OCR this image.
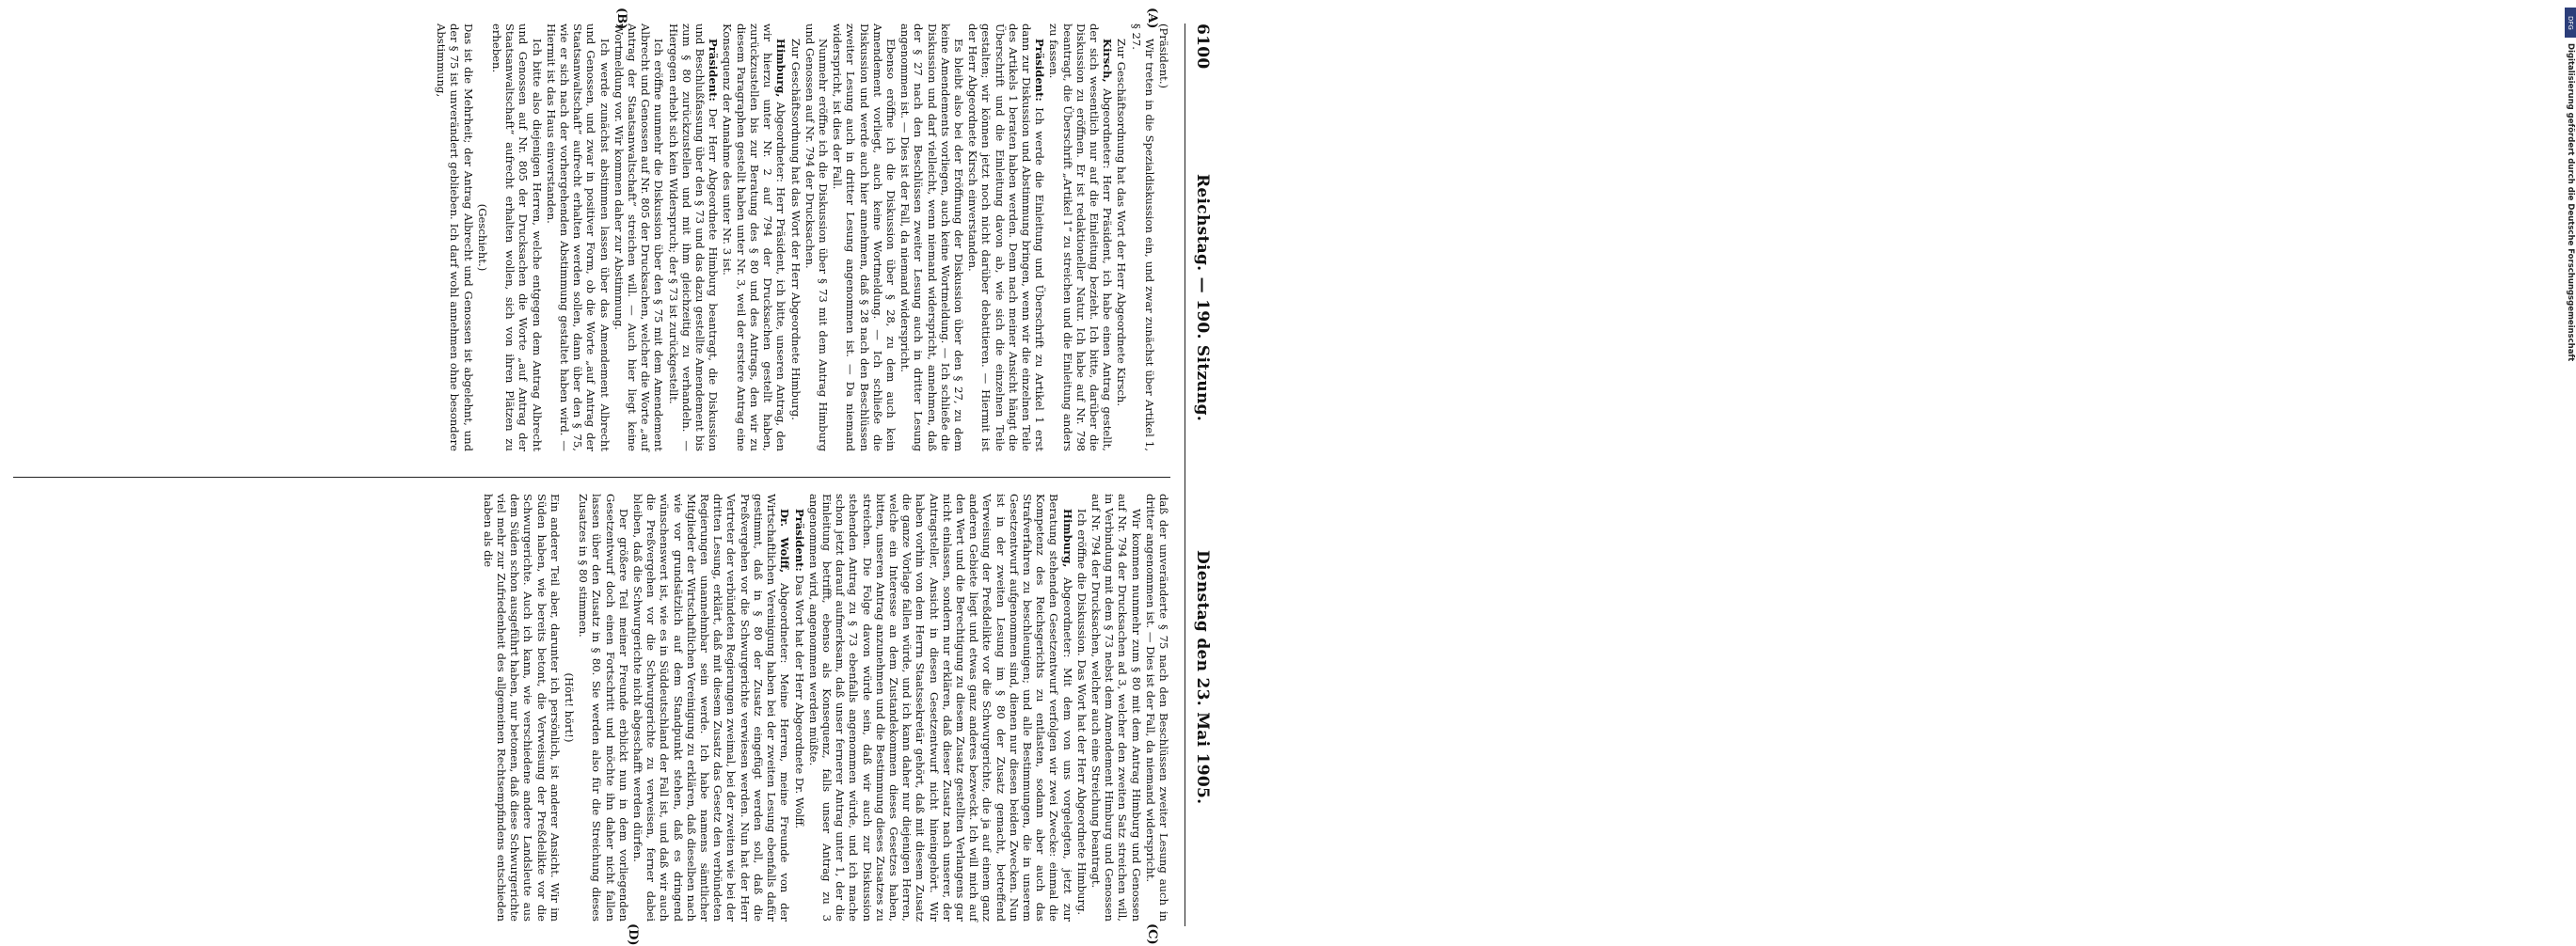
6100
Reichstag. — 190. Sitzung.
Dienstag den 23. Mai 1905.
(A)
(B)
(C)
(D)

(Präsident.)

Wir treten in die Spezialdiskussion ein, und zwar zunächst über Artikel 1, § 27.

Zur Geschäftsordnung hat das Wort der Herr Abgeordnete Kirsch.

Kirsch, Abgeordneter: Herr Präsident, ich habe einen Antrag gestellt, der sich wesentlich nur auf die Einleitung bezieht. Ich bitte, darüber die Diskussion zu eröffnen. Er ist redaktioneller Natur. Ich habe auf Nr. 798 beantragt, die Überschrift „Artikel 1“ zu streichen und die Einleitung anders zu fassen.

Präsident: Ich werde die Einleitung und Überschrift zu Artikel 1 erst dann zur Diskussion und Abstimmung bringen, wenn wir die einzelnen Teile des Artikels 1 beraten haben werden. Denn nach meiner Ansicht hängt die Überschrift und die Einleitung davon ab, wie sich die einzelnen Teile gestalten; wir können jetzt noch nicht darüber debattieren. — Hiermit ist der Herr Abgeordnete Kirsch einverstanden.

Es bleibt also bei der Eröffnung der Diskussion über den § 27, zu dem keine Amendements vorliegen, auch keine Wortmeldung. — Ich schließe die Diskussion und darf vielleicht, wenn niemand widerspricht, annehmen, daß der § 27 nach den Beschlüssen zweiter Lesung auch in dritter Lesung angenommen ist. — Dies ist der Fall, da niemand widerspricht.

Ebenso eröffne ich die Diskussion über § 28, zu dem auch kein Amendement vorliegt, auch keine Wortmeldung. — Ich schließe die Diskussion und werde auch hier annehmen, daß § 28 nach den Beschlüssen zweiter Lesung auch in dritter Lesung angenommen ist. — Da niemand widerspricht, ist dies der Fall.

Nunmehr eröffne ich die Diskussion über § 73 mit dem Antrag Himburg und Genossen auf Nr. 794 der Drucksachen.

Zur Geschäftsordnung hat das Wort der Herr Abgeordnete Himburg.

Himburg, Abgeordneter: Herr Präsident, ich bitte, unseren Antrag, den wir hierzu unter Nr. 2 auf 794 der Drucksachen gestellt haben, zurückzustellen bis zur Beratung des § 80 und des Antrags, den wir zu diesem Paragraphen gestellt haben unter Nr. 3, weil der erstere Antrag eine Konsequenz der Annahme des unter Nr. 3 ist.

Präsident: Der Herr Abgeordnete Himburg beantragt, die Diskussion und Beschlußfassung über den § 73 und das dazu gestellte Amendement bis zum § 80 zurückzustellen und mit ihm gleichzeitig zu verhandeln. — Hiergegen erhebt sich kein Widerspruch; der § 73 ist zurückgestellt.

Ich eröffne nunmehr die Diskussion über den § 75 mit dem Amendement Albrecht und Genossen auf Nr. 805 der Drucksachen, welcher die Worte „auf Antrag der Staatsanwaltschaft“ streichen will. — Auch hier liegt keine Wortmeldung vor. Wir kommen daher zur Abstimmung.

Ich werde zunächst abstimmen lassen über das Amendement Albrecht und Genossen, und zwar in positiver Form, ob die Worte „auf Antrag der Staatsanwaltschaft“ aufrecht erhalten werden sollen, dann über den § 75, wie er sich nach der vorhergehenden Abstimmung gestaltet haben wird. — Hiermit ist das Haus einverstanden.

Ich bitte also diejenigen Herren, welche entgegen dem Antrag Albrecht und Genossen auf Nr. 805 der Drucksachen die Worte „auf Antrag der Staatsanwaltschaft“ aufrecht erhalten wollen, sich von ihren Plätzen zu erheben.

(Geschieht.)

Das ist die Mehrheit; der Antrag Albrecht und Genossen ist abgelehnt, und der § 75 ist unverändert geblieben. Ich darf wohl annehmen ohne besondere Abstimmung,

daß der unveränderte § 75 nach den Beschlüssen zweiter Lesung auch in dritter angenommen ist. — Dies ist der Fall, da niemand widerspricht.

Wir kommen nunmehr zum § 80 mit dem Antrag Himburg und Genossen auf Nr. 794 der Drucksachen ad 3, welcher den zweiten Satz streichen will, in Verbindung mit dem § 73 nebst dem Amendement Himburg und Genossen auf Nr. 794 der Drucksachen, welcher auch eine Streichung beantragt.

Ich eröffne die Diskussion. Das Wort hat der Herr Abgeordnete Himburg.

Himburg, Abgeordneter: Mit dem von uns vorgelegten, jetzt zur Beratung stehenden Gesetzentwurf verfolgen wir zwei Zwecke: einmal die Kompetenz des Reichsgerichts zu entlasten, sodann aber auch das Strafverfahren zu beschleunigen; und alle Bestimmungen, die in unserem Gesetzentwurf aufgenommen sind, dienen nur diesen beiden Zwecken. Nun ist in der zweiten Lesung im § 80 der Zusatz gemacht, betreffend Verweisung der Preßdelikte vor die Schwurgerichte, die ja auf einem ganz anderen Gebiete liegt und etwas ganz anderes bezweckt. Ich will mich auf den Wert und die Berechtigung zu diesem Zusatz gestellten Verlangens gar nicht einlassen, sondern nur erklären, daß dieser Zusatz nach unserer, der Antragsteller, Ansicht in diesen Gesetzentwurf nicht hineingehört. Wir haben vorhin von dem Herrn Staatssekretär gehört, daß mit diesem Zusatz die ganze Vorlage fallen würde, und ich kann daher nur diejenigen Herren, welche ein Interesse an dem Zustandekommen dieses Gesetzes haben, bitten, unseren Antrag anzunehmen und die Bestimmung dieses Zusatzes zu streichen. Die Folge davon würde sein, daß wir auch zur Diskussion stehenden Antrag zu § 73 ebenfalls angenommen würde, und ich mache schon jetzt darauf aufmerksam, daß unser fernerer Antrag unter 1, der die Einleitung betrifft, ebenso als Konsequenz, falls unser Antrag zu 3 angenommen wird, angenommen werden müßte.

Präsident: Das Wort hat der Herr Abgeordnete Dr. Wolff.

Dr. Wolff, Abgeordneter: Meine Herren, meine Freunde von der Wirtschaftlichen Vereinigung haben bei der zweiten Lesung ebenfalls dafür gestimmt, daß in § 80 der Zusatz eingefügt werden soll, daß die Preßvergehen vor die Schwurgerichte verwiesen werden. Nun hat der Herr Vertreter der verbündeten Regierungen zweimal, bei der zweiten wie bei der dritten Lesung, erklärt, daß mit diesem Zusatz das Gesetz den verbündeten Regierungen unannehmbar sein werde. Ich habe namens sämtlicher Mitglieder der Wirtschaftlichen Vereinigung zu erklären, daß dieselben nach wie vor grundsätzlich auf dem Standpunkt stehen, daß es dringend wünschenswert ist, wie es in Süddeutschland der Fall ist, und daß wir auch die Preßvergehen vor die Schwurgerichte zu verweisen, ferner dabei bleiben, daß die Schwurgerichte nicht abgeschafft werden dürfen.

Der größere Teil meiner Freunde erblickt nun in dem vorliegenden Gesetzentwurf doch einen Fortschritt und möchte ihn daher nicht fallen lassen über den Zusatz in § 80. Sie werden also für die Streichung dieses Zusatzes in § 80 stimmen.

(Hört! hört!)

Ein anderer Teil aber, darunter ich persönlich, ist anderer Ansicht. Wir im Süden haben, wie bereits betont, die Verweisung der Preßdelikte vor die Schwurgerichte. Auch ich kann, wie verschiedene andere Landsleute aus dem Süden schon ausgeführt haben, nur betonen, daß diese Schwurgerichte viel mehr zur Zufriedenheit des allgemeinen Rechtsempfindens entschieden haben als die

DFG
Digitalisierung gefördert durch die Deutsche Forschungsgemeinschaft
